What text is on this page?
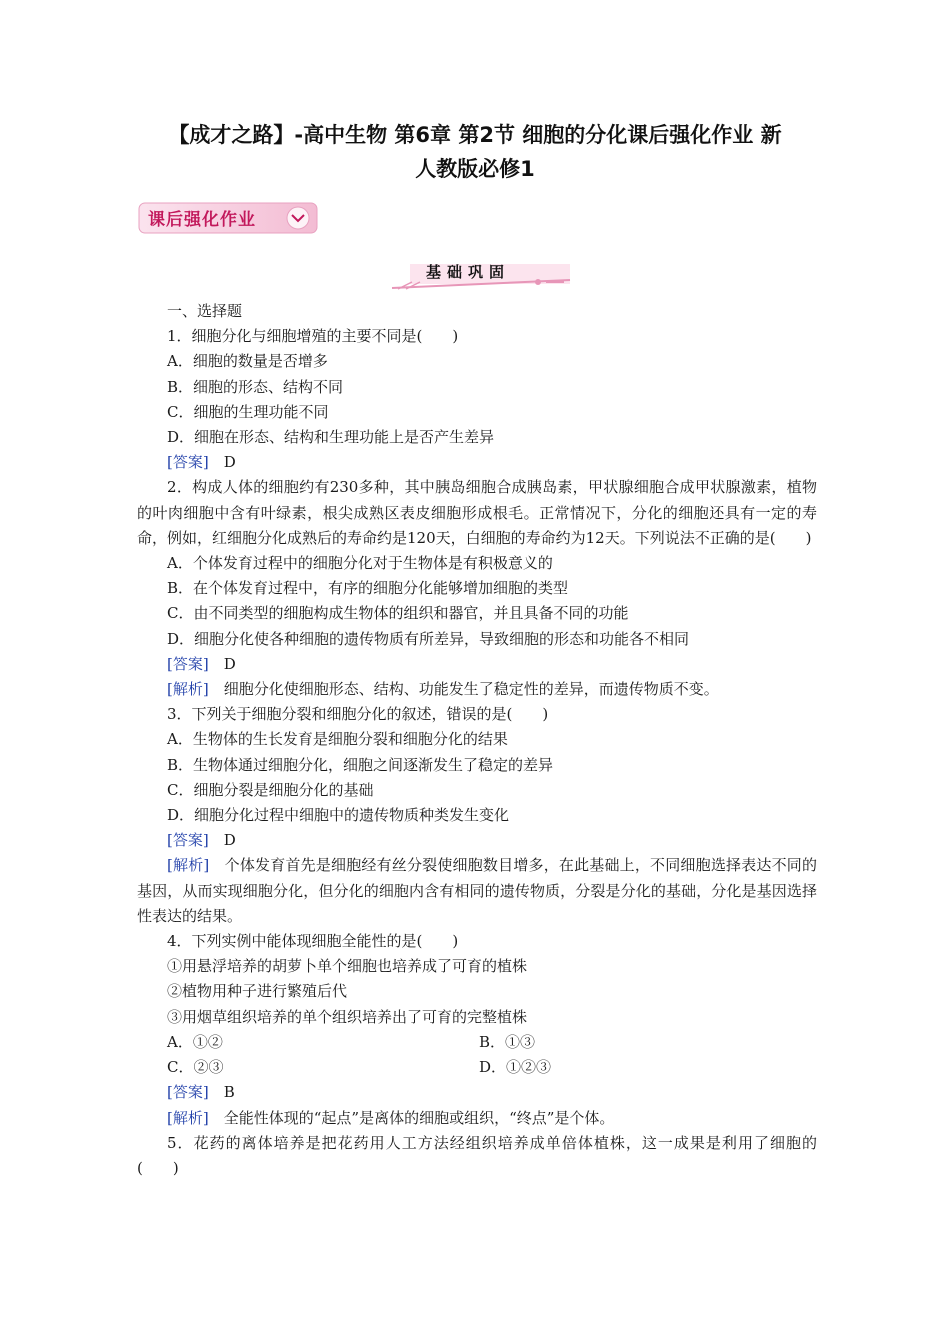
【成才之路】-高中生物 第6章 第2节 细胞的分化课后强化作业 新
人教版必修1
课后强化作业
基础巩固

一、选择题

1．细胞分化与细胞增殖的主要不同是(　　)

A．细胞的数量是否增多

B．细胞的形态、结构不同

C．细胞的生理功能不同

D．细胞在形态、结构和生理功能上是否产生差异

[答案]　 D

2．构成人体的细胞约有230多种，其中胰岛细胞合成胰岛素，甲状腺细胞合成甲状腺激素，植物的叶肉细胞中含有叶绿素，根尖成熟区表皮细胞形成根毛。正常情况下，分化的细胞还具有一定的寿命，例如，红细胞分化成熟后的寿命约是120天，白细胞的寿命约为12天。下列说法不正确的是(　　)

A．个体发育过程中的细胞分化对于生物体是有积极意义的

B．在个体发育过程中，有序的细胞分化能够增加细胞的类型

C．由不同类型的细胞构成生物体的组织和器官，并且具备不同的功能

D．细胞分化使各种细胞的遗传物质有所差异，导致细胞的形态和功能各不相同

[答案]　 D

[解析]　 细胞分化使细胞形态、结构、功能发生了稳定性的差异，而遗传物质不变。

3．下列关于细胞分裂和细胞分化的叙述，错误的是(　　)

A．生物体的生长发育是细胞分裂和细胞分化的结果

B．生物体通过细胞分化，细胞之间逐渐发生了稳定的差异

C．细胞分裂是细胞分化的基础

D．细胞分化过程中细胞中的遗传物质种类发生变化

[答案]　 D

[解析]　 个体发育首先是细胞经有丝分裂使细胞数目增多，在此基础上，不同细胞选择表达不同的基因，从而实现细胞分化，但分化的细胞内含有相同的遗传物质，分裂是分化的基础，分化是基因选择性表达的结果。

4．下列实例中能体现细胞全能性的是(　　)

①用悬浮培养的胡萝卜单个细胞也培养成了可育的植株

②植物用种子进行繁殖后代

③用烟草组织培养的单个组织培养出了可育的完整植株

A．①②	B．①③
C．②③	D．①②③

[答案]　 B

[解析]　 全能性体现的“起点”是离体的细胞或组织，“终点”是个体。

5．花药的离体培养是把花药用人工方法经组织培养成单倍体植株，这一成果是利用了细胞的(　　)
